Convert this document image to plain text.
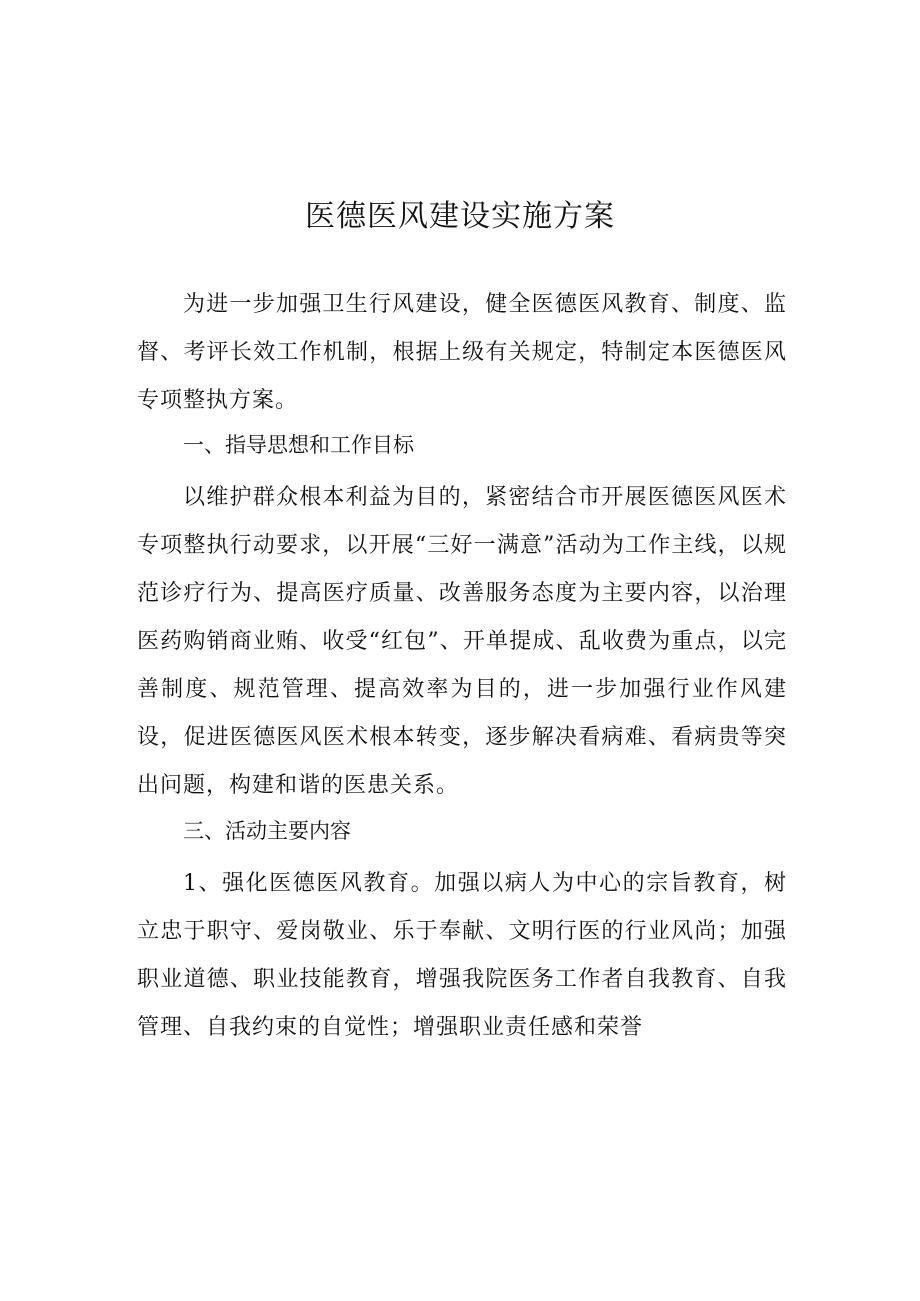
医德医风建设实施方案

为进一步加强卫生行风建设，健全医德医风教育、制度、监督、考评长效工作机制，根据上级有关规定，特制定本医德医风专项整执方案。

一、指导思想和工作目标

以维护群众根本利益为目的，紧密结合市开展医德医风医术专项整执行动要求，以开展“三好一满意”活动为工作主线，以规范诊疗行为、提高医疗质量、改善服务态度为主要内容，以治理医药购销商业贿、收受“红包”、开单提成、乱收费为重点，以完善制度、规范管理、提高效率为目的，进一步加强行业作风建设，促进医德医风医术根本转变，逐步解决看病难、看病贵等突出问题，构建和谐的医患关系。

三、活动主要内容

1、强化医德医风教育。加强以病人为中心的宗旨教育，树立忠于职守、爱岗敬业、乐于奉献、文明行医的行业风尚；加强职业道德、职业技能教育，增强我院医务工作者自我教育、自我管理、自我约束的自觉性；增强职业责任感和荣誉
